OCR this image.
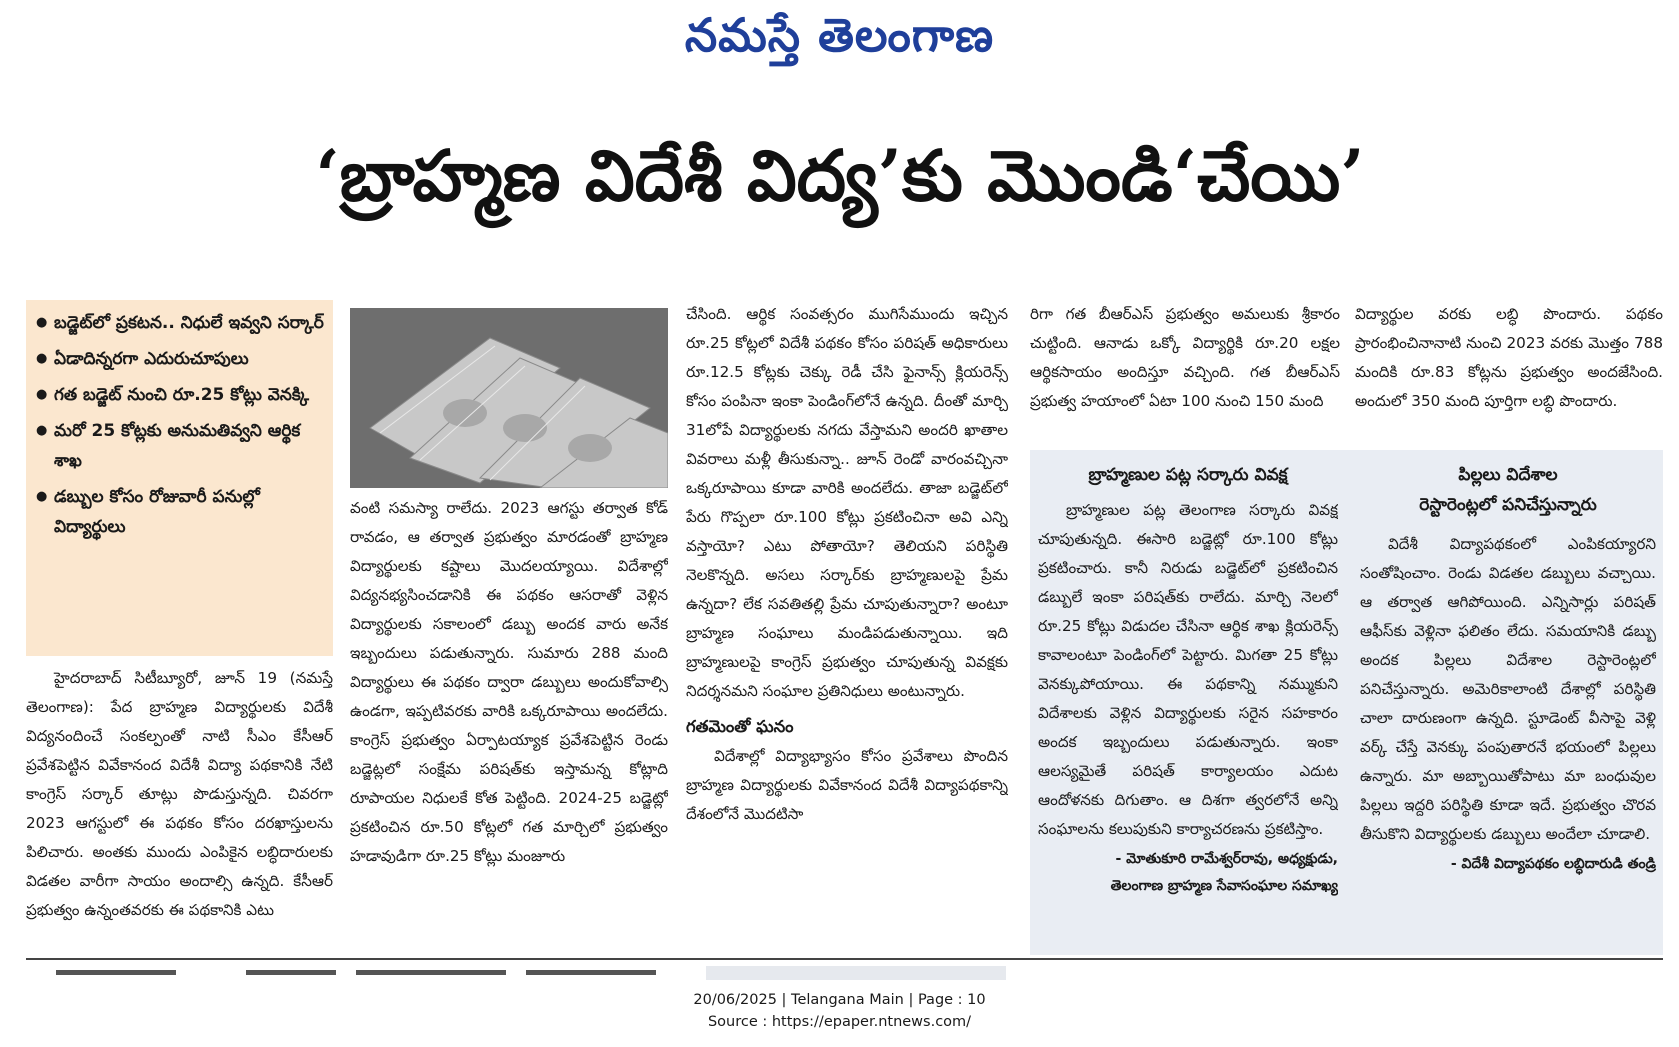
నమస్తే తెలంగాణ
‘బ్రాహ్మణ విదేశీ విద్య’కు మొండి‘చేయి’
● బడ్జెట్‌లో ప్రకటన.. నిధులే ఇవ్వని సర్కార్
● ఏడాదిన్నరగా ఎదురుచూపులు
● గత బడ్జెట్ నుంచి రూ.25 కోట్లు వెనక్కి
● మరో 25 కోట్లకు అనుమతివ్వని ఆర్థిక శాఖ
● డబ్బుల కోసం రోజువారీ పనుల్లో విద్యార్థులు

హైదరాబాద్ సిటీబ్యూరో, జూన్ 19 (నమస్తే తెలంగాణ): పేద బ్రాహ్మణ విద్యార్థులకు విదేశీ విద్యనందించే సంకల్పంతో నాటి సీఎం కేసీఆర్ ప్రవేశపెట్టిన వివేకానంద విదేశీ విద్యా పథకానికి నేటి కాంగ్రెస్ సర్కార్ తూట్లు పొడుస్తున్నది. చివరగా 2023 ఆగస్టులో ఈ పథకం కోసం దరఖాస్తులను పిలిచారు. అంతకు ముందు ఎంపికైన లబ్ధిదారులకు విడతల వారీగా సాయం అందాల్సి ఉన్నది. కేసీఆర్ ప్రభుత్వం ఉన్నంతవరకు ఈ పథకానికి ఎటు

వంటి సమస్యా రాలేదు. 2023 ఆగస్టు తర్వాత కోడ్ రావడం, ఆ తర్వాత ప్రభుత్వం మారడంతో బ్రాహ్మణ విద్యార్థులకు కష్టాలు మొదలయ్యాయి. విదేశాల్లో విద్యనభ్యసించడానికి ఈ పథకం ఆసరాతో వెళ్లిన విద్యార్థులకు సకాలంలో డబ్బు అందక వారు అనేక ఇబ్బందులు పడుతున్నారు. సుమారు 288 మంది విద్యార్థులు ఈ పథకం ద్వారా డబ్బులు అందుకోవాల్సి ఉండగా, ఇప్పటివరకు వారికి ఒక్కరూపాయి అందలేదు. కాంగ్రెస్ ప్రభుత్వం ఏర్పాటయ్యాక ప్రవేశపెట్టిన రెండు బడ్జెట్లలో సంక్షేమ పరిషత్‌కు ఇస్తామన్న కోట్లాది రూపాయల నిధులకే కోత పెట్టింది. 2024-25 బడ్జెట్లో ప్రకటించిన రూ.50 కోట్లలో గత మార్చిలో ప్రభుత్వం హడావుడిగా రూ.25 కోట్లు మంజూరు

చేసింది. ఆర్థిక సంవత్సరం ముగిసేముందు ఇచ్చిన రూ.25 కోట్లలో విదేశీ పథకం కోసం పరిషత్ అధికారులు రూ.12.5 కోట్లకు చెక్కు రెడీ చేసి ఫైనాన్స్ క్లియరెన్స్ కోసం పంపినా ఇంకా పెండింగ్‌లోనే ఉన్నది. దీంతో మార్చి 31లోపే విద్యార్థులకు నగదు వేస్తామని అందరి ఖాతాల వివరాలు మళ్లీ తీసుకున్నా.. జూన్ రెండో వారంవచ్చినా ఒక్కరూపాయి కూడా వారికి అందలేదు. తాజా బడ్జెట్‌లో పేరు గొప్పలా రూ.100 కోట్లు ప్రకటించినా అవి ఎన్ని వస్తాయో? ఎటు పోతాయో? తెలియని పరిస్థితి నెలకొన్నది. అసలు సర్కార్‌కు బ్రాహ్మణులపై ప్రేమ ఉన్నదా? లేక సవతితల్లి ప్రేమ చూపుతున్నారా? అంటూ బ్రాహ్మణ సంఘాలు మండిపడుతున్నాయి. ఇది బ్రాహ్మణులపై కాంగ్రెస్ ప్రభుత్వం చూపుతున్న వివక్షకు నిదర్శనమని సంఘాల ప్రతినిధులు అంటున్నారు.

గతమెంతో ఘనం

విదేశాల్లో విద్యాభ్యాసం కోసం ప్రవేశాలు పొందిన బ్రాహ్మణ విద్యార్థులకు వివేకానంద విదేశీ విద్యాపథకాన్ని దేశంలోనే మొదటిసా

రిగా గత బీఆర్‌ఎస్ ప్రభుత్వం అమలుకు శ్రీకారం చుట్టింది. ఆనాడు ఒక్కో విద్యార్థికి రూ.20 లక్షల ఆర్థికసాయం అందిస్తూ వచ్చింది. గత బీఆర్‌ఎస్ ప్రభుత్వ హయాంలో ఏటా 100 నుంచి 150 మంది

విద్యార్థుల వరకు లబ్ధి పొందారు. పథకం ప్రారంభించినానాటి నుంచి 2023 వరకు మొత్తం 788 మందికి రూ.83 కోట్లను ప్రభుత్వం అందజేసింది. అందులో 350 మంది పూర్తిగా లబ్ధి పొందారు.

బ్రాహ్మణుల పట్ల సర్కారు వివక్ష

బ్రాహ్మణుల పట్ల తెలంగాణ సర్కారు వివక్ష చూపుతున్నది. ఈసారి బడ్జెట్లో రూ.100 కోట్లు ప్రకటించారు. కానీ నిరుడు బడ్జెట్‌లో ప్రకటించిన డబ్బులే ఇంకా పరిషత్‌కు రాలేదు. మార్చి నెలలో రూ.25 కోట్లు విడుదల చేసినా ఆర్థిక శాఖ క్లియరెన్స్ కావాలంటూ పెండింగ్‌లో పెట్టారు. మిగతా 25 కోట్లు వెనక్కుపోయాయి. ఈ పథకాన్ని నమ్ముకుని విదేశాలకు వెళ్లిన విద్యార్థులకు సరైన సహకారం అందక ఇబ్బందులు పడుతున్నారు. ఇంకా ఆలస్యమైతే పరిషత్ కార్యాలయం ఎదుట ఆందోళనకు దిగుతాం. ఆ దిశగా త్వరలోనే అన్ని సంఘాలను కలుపుకుని కార్యాచరణను ప్రకటిస్తాం.

- మోతుకూరి రామేశ్వర్‌రావు, అధ్యక్షుడు,
తెలంగాణ బ్రాహ్మణ సేవాసంఘాల సమాఖ్య
పిల్లలు విదేశాల
రెస్టారెంట్లలో పనిచేస్తున్నారు

విదేశీ విద్యాపథకంలో ఎంపికయ్యారని సంతోషించాం. రెండు విడతల డబ్బులు వచ్చాయి. ఆ తర్వాత ఆగిపోయింది. ఎన్నిసార్లు పరిషత్ ఆఫీస్‌కు వెళ్లినా ఫలితం లేదు. సమయానికి డబ్బు అందక పిల్లలు విదేశాల రెస్టారెంట్లలో పనిచేస్తున్నారు. అమెరికాలాంటి దేశాల్లో పరిస్థితి చాలా దారుణంగా ఉన్నది. స్టూడెంట్ వీసాపై వెళ్లి వర్క్ చేస్తే వెనక్కు పంపుతారనే భయంలో పిల్లలు ఉన్నారు. మా అబ్బాయితోపాటు మా బంధువుల పిల్లలు ఇద్దరి పరిస్థితి కూడా ఇదే. ప్రభుత్వం చొరవ తీసుకొని విద్యార్థులకు డబ్బులు అందేలా చూడాలి.

- విదేశీ విద్యాపథకం లబ్ధిదారుడి తండ్రి
20/06/2025 | Telangana Main | Page : 10
Source : https://epaper.ntnews.com/
